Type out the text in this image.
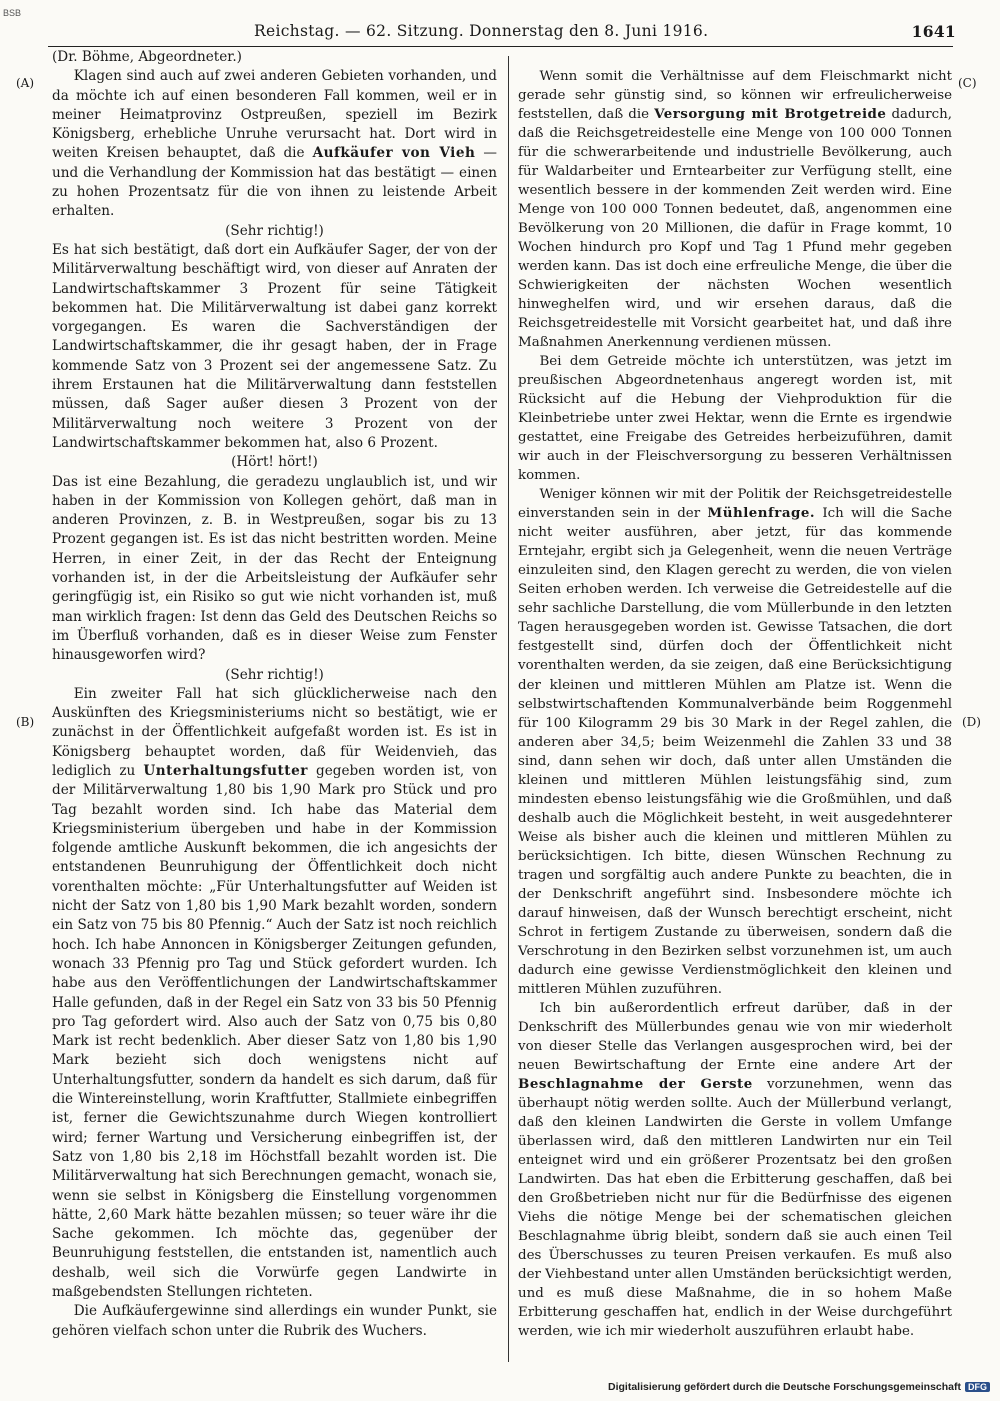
BSB
Reichstag. — 62. Sitzung. Donnerstag den 8. Juni 1916.	1641
(A)
(B)
(C)
(D)

(Dr. Böhme, Abgeordneter.)

Klagen sind auch auf zwei anderen Gebieten vorhanden, und da möchte ich auf einen besonderen Fall kommen, weil er in meiner Heimatprovinz Ostpreußen, speziell im Bezirk Königsberg, erhebliche Unruhe verursacht hat. Dort wird in weiten Kreisen behauptet, daß die Aufkäufer von Vieh — und die Verhandlung der Kommission hat das bestätigt — einen zu hohen Prozentsatz für die von ihnen zu leistende Arbeit erhalten.

(Sehr richtig!)

Es hat sich bestätigt, daß dort ein Aufkäufer Sager, der von der Militärverwaltung beschäftigt wird, von dieser auf Anraten der Landwirtschaftskammer 3 Prozent für seine Tätigkeit bekommen hat. Die Militärverwaltung ist dabei ganz korrekt vorgegangen. Es waren die Sachverständigen der Landwirtschaftskammer, die ihr gesagt haben, der in Frage kommende Satz von 3 Prozent sei der angemessene Satz. Zu ihrem Erstaunen hat die Militärverwaltung dann feststellen müssen, daß Sager außer diesen 3 Prozent von der Militärverwaltung noch weitere 3 Prozent von der Landwirtschaftskammer bekommen hat, also 6 Prozent.

(Hört! hört!)

Das ist eine Bezahlung, die geradezu unglaublich ist, und wir haben in der Kommission von Kollegen gehört, daß man in anderen Provinzen, z. B. in Westpreußen, sogar bis zu 13 Prozent gegangen ist. Es ist das nicht bestritten worden. Meine Herren, in einer Zeit, in der das Recht der Enteignung vorhanden ist, in der die Arbeitsleistung der Aufkäufer sehr geringfügig ist, ein Risiko so gut wie nicht vorhanden ist, muß man wirklich fragen: Ist denn das Geld des Deutschen Reichs so im Überfluß vorhanden, daß es in dieser Weise zum Fenster hinausgeworfen wird?

(Sehr richtig!)

Ein zweiter Fall hat sich glücklicherweise nach den Auskünften des Kriegsministeriums nicht so bestätigt, wie er zunächst in der Öffentlichkeit aufgefaßt worden ist. Es ist in Königsberg behauptet worden, daß für Weidenvieh, das lediglich zu Unterhaltungsfutter gegeben worden ist, von der Militärverwaltung 1,80 bis 1,90 Mark pro Stück und pro Tag bezahlt worden sind. Ich habe das Material dem Kriegsministerium übergeben und habe in der Kommission folgende amtliche Auskunft bekommen, die ich angesichts der entstandenen Beunruhigung der Öffentlichkeit doch nicht vorenthalten möchte: „Für Unterhaltungsfutter auf Weiden ist nicht der Satz von 1,80 bis 1,90 Mark bezahlt worden, sondern ein Satz von 75 bis 80 Pfennig.“ Auch der Satz ist noch reichlich hoch. Ich habe Annoncen in Königsberger Zeitungen gefunden, wonach 33 Pfennig pro Tag und Stück gefordert wurden. Ich habe aus den Veröffentlichungen der Landwirtschaftskammer Halle gefunden, daß in der Regel ein Satz von 33 bis 50 Pfennig pro Tag gefordert wird. Also auch der Satz von 0,75 bis 0,80 Mark ist recht bedenklich. Aber dieser Satz von 1,80 bis 1,90 Mark bezieht sich doch wenigstens nicht auf Unterhaltungsfutter, sondern da handelt es sich darum, daß für die Wintereinstellung, worin Kraftfutter, Stallmiete einbegriffen ist, ferner die Gewichtszunahme durch Wiegen kontrolliert wird; ferner Wartung und Versicherung einbegriffen ist, der Satz von 1,80 bis 2,18 im Höchstfall bezahlt worden ist. Die Militärverwaltung hat sich Berechnungen gemacht, wonach sie, wenn sie selbst in Königsberg die Einstellung vorgenommen hätte, 2,60 Mark hätte bezahlen müssen; so teuer wäre ihr die Sache gekommen. Ich möchte das, gegenüber der Beunruhigung feststellen, die entstanden ist, namentlich auch deshalb, weil sich die Vorwürfe gegen Landwirte in maßgebendsten Stellungen richteten.

Die Aufkäufergewinne sind allerdings ein wunder Punkt, sie gehören vielfach schon unter die Rubrik des Wuchers.

Wenn somit die Verhältnisse auf dem Fleischmarkt nicht gerade sehr günstig sind, so können wir erfreulicherweise feststellen, daß die Versorgung mit Brotgetreide dadurch, daß die Reichsgetreidestelle eine Menge von 100 000 Tonnen für die schwerarbeitende und industrielle Bevölkerung, auch für Waldarbeiter und Erntearbeiter zur Verfügung stellt, eine wesentlich bessere in der kommenden Zeit werden wird. Eine Menge von 100 000 Tonnen bedeutet, daß, angenommen eine Bevölkerung von 20 Millionen, die dafür in Frage kommt, 10 Wochen hindurch pro Kopf und Tag 1 Pfund mehr gegeben werden kann. Das ist doch eine erfreuliche Menge, die über die Schwierigkeiten der nächsten Wochen wesentlich hinweghelfen wird, und wir ersehen daraus, daß die Reichsgetreidestelle mit Vorsicht gearbeitet hat, und daß ihre Maßnahmen Anerkennung verdienen müssen.

Bei dem Getreide möchte ich unterstützen, was jetzt im preußischen Abgeordnetenhaus angeregt worden ist, mit Rücksicht auf die Hebung der Viehproduktion für die Kleinbetriebe unter zwei Hektar, wenn die Ernte es irgendwie gestattet, eine Freigabe des Getreides herbeizuführen, damit wir auch in der Fleischversorgung zu besseren Verhältnissen kommen.

Weniger können wir mit der Politik der Reichsgetreidestelle einverstanden sein in der Mühlenfrage. Ich will die Sache nicht weiter ausführen, aber jetzt, für das kommende Erntejahr, ergibt sich ja Gelegenheit, wenn die neuen Verträge einzuleiten sind, den Klagen gerecht zu werden, die von vielen Seiten erhoben werden. Ich verweise die Getreidestelle auf die sehr sachliche Darstellung, die vom Müllerbunde in den letzten Tagen herausgegeben worden ist. Gewisse Tatsachen, die dort festgestellt sind, dürfen doch der Öffentlichkeit nicht vorenthalten werden, da sie zeigen, daß eine Berücksichtigung der kleinen und mittleren Mühlen am Platze ist. Wenn die selbstwirtschaftenden Kommunalverbände beim Roggenmehl für 100 Kilogramm 29 bis 30 Mark in der Regel zahlen, die anderen aber 34,5; beim Weizenmehl die Zahlen 33 und 38 sind, dann sehen wir doch, daß unter allen Umständen die kleinen und mittleren Mühlen leistungsfähig sind, zum mindesten ebenso leistungsfähig wie die Großmühlen, und daß deshalb auch die Möglichkeit besteht, in weit ausgedehnterer Weise als bisher auch die kleinen und mittleren Mühlen zu berücksichtigen. Ich bitte, diesen Wünschen Rechnung zu tragen und sorgfältig auch andere Punkte zu beachten, die in der Denkschrift angeführt sind. Insbesondere möchte ich darauf hinweisen, daß der Wunsch berechtigt erscheint, nicht Schrot in fertigem Zustande zu überweisen, sondern daß die Verschrotung in den Bezirken selbst vorzunehmen ist, um auch dadurch eine gewisse Verdienstmöglichkeit den kleinen und mittleren Mühlen zuzuführen.

Ich bin außerordentlich erfreut darüber, daß in der Denkschrift des Müllerbundes genau wie von mir wiederholt von dieser Stelle das Verlangen ausgesprochen wird, bei der neuen Bewirtschaftung der Ernte eine andere Art der Beschlagnahme der Gerste vorzunehmen, wenn das überhaupt nötig werden sollte. Auch der Müllerbund verlangt, daß den kleinen Landwirten die Gerste in vollem Umfange überlassen wird, daß den mittleren Landwirten nur ein Teil enteignet wird und ein größerer Prozentsatz bei den großen Landwirten. Das hat eben die Erbitterung geschaffen, daß bei den Großbetrieben nicht nur für die Bedürfnisse des eigenen Viehs die nötige Menge bei der schematischen gleichen Beschlagnahme übrig bleibt, sondern daß sie auch einen Teil des Überschusses zu teuren Preisen verkaufen. Es muß also der Viehbestand unter allen Umständen berücksichtigt werden, und es muß diese Maßnahme, die in so hohem Maße Erbitterung geschaffen hat, endlich in der Weise durchgeführt werden, wie ich mir wiederholt auszuführen erlaubt habe.

Digitalisierung gefördert durch die Deutsche Forschungsgemeinschaft DFG
